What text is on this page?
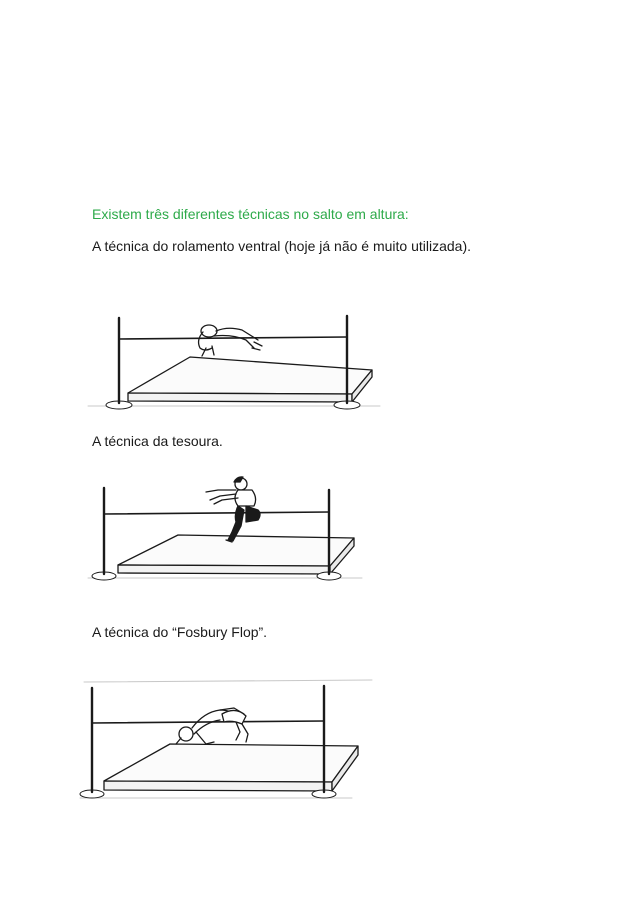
Existem três diferentes técnicas no salto em altura:
A técnica do rolamento ventral (hoje já não é muito utilizada).
A técnica da tesoura.
A técnica do “Fosbury Flop”.
